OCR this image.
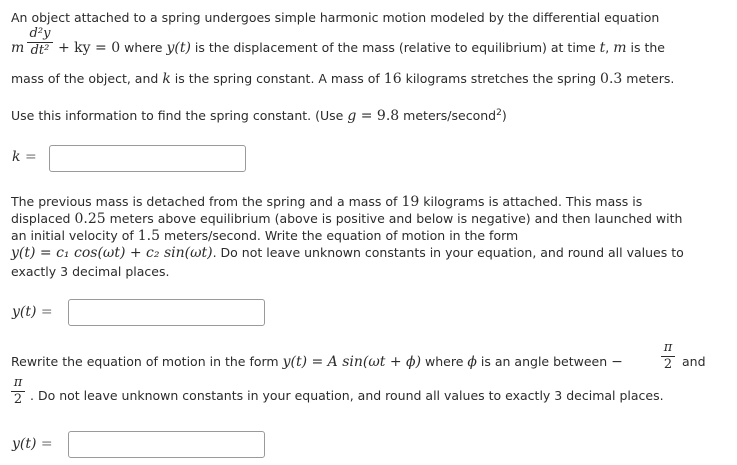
An object attached to a spring undergoes simple harmonic motion modeled by the differential equation
m
d²y
dt² + ky = 0 where y(t) is the displacement of the mass (relative to equilibrium) at time t, m is the
mass of the object, and k is the spring constant. A mass of 16 kilograms stretches the spring 0.3 meters.
Use this information to find the spring constant. (Use g = 9.8 meters/second$^2$)
k =
The previous mass is detached from the spring and a mass of 19 kilograms is attached. This mass is
displaced 0.25 meters above equilibrium (above is positive and below is negative) and then launched with
an initial velocity of 1.5 meters/second. Write the equation of motion in the form
y(t) = c₁ cos(ωt) + c₂ sin(ωt). Do not leave unknown constants in your equation, and round all values to
exactly 3 decimal places.
y(t) =
Rewrite the equation of motion in the form y(t) = A sin(ωt + ϕ) where ϕ is an angle between −
π
2 and
π
2 . Do not leave unknown constants in your equation, and round all values to exactly 3 decimal places.
y(t) =
